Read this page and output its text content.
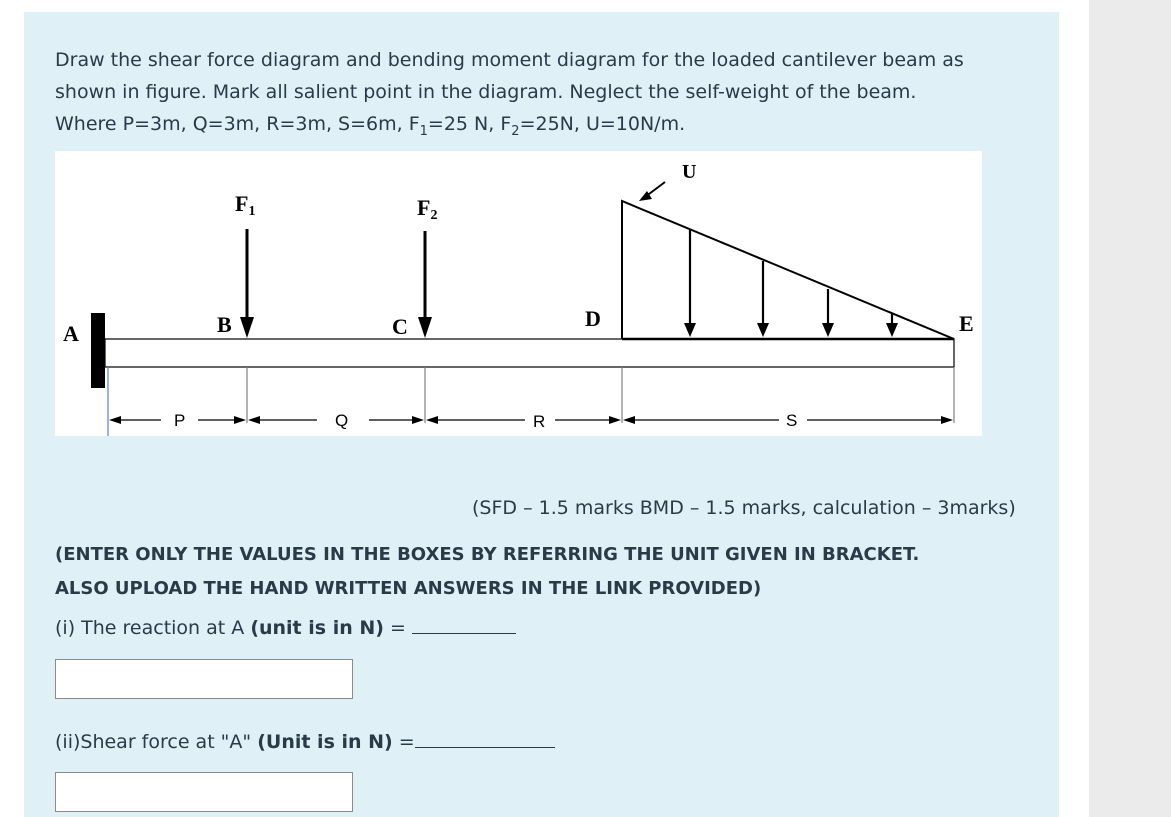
Draw the shear force diagram and bending moment diagram for the loaded cantilever beam as
shown in figure. Mark all salient point in the diagram. Neglect the self-weight of the beam.
Where P=3m, Q=3m, R=3m, S=6m, $F_1=25$ N, $F_2=25N$, U=10N/m.
A	B	C	D	E
F1	F2
U
P	Q	R	S
(SFD – 1.5 marks BMD – 1.5 marks, calculation – 3marks)
(ENTER ONLY THE VALUES IN THE BOXES BY REFERRING THE UNIT GIVEN IN BRACKET.
ALSO UPLOAD THE HAND WRITTEN ANSWERS IN THE LINK PROVIDED)
(i) The reaction at A (unit is in N) =
(ii)Shear force at "A" (Unit is in N) =
